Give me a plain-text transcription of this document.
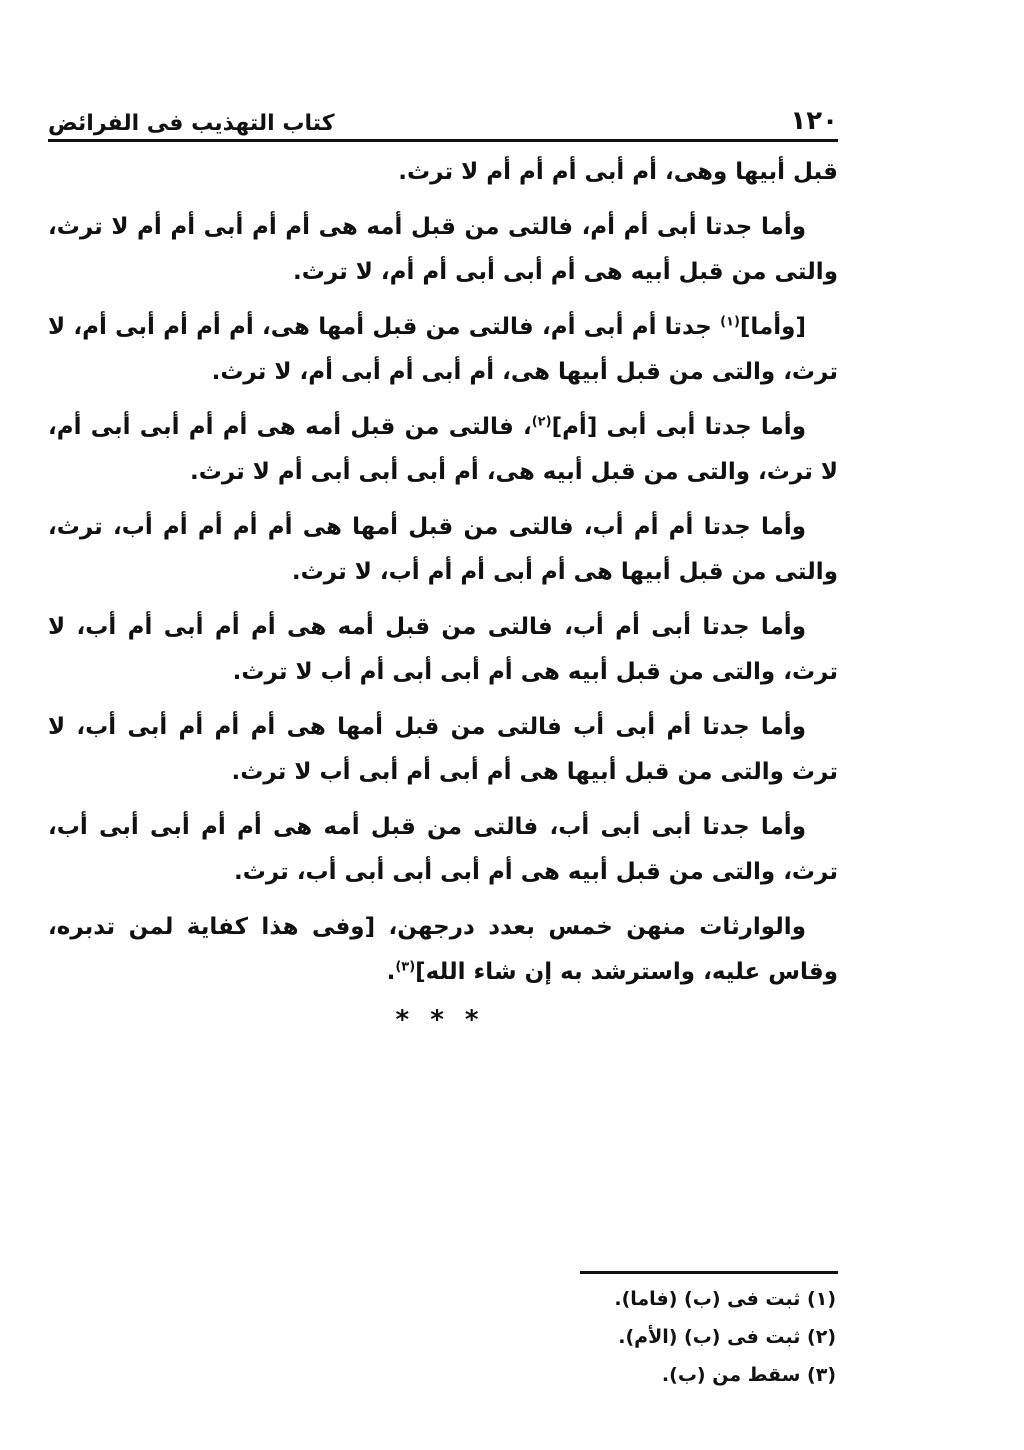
١٢٠
كتاب التهذيب فى الفرائض

قبل أبيها وهى، أم أبى أم أم أم لا ترث.

وأما جدتا أبى أم أم، فالتى من قبل أمه هى أم أم أبى أم أم لا ترث، والتى من قبل أبيه هى أم أبى أبى أم أم، لا ترث.

[وأما]$^{(١)}$ جدتا أم أبى أم، فالتى من قبل أمها هى، أم أم أم أبى أم، لا ترث، والتى من قبل أبيها هى، أم أبى أم أبى أم، لا ترث.

وأما جدتا أبى أبى [أم]$^{(٢)}$، فالتى من قبل أمه هى أم أم أبى أبى أم، لا ترث، والتى من قبل أبيه هى، أم أبى أبى أبى أم لا ترث.

وأما جدتا أم أم أب، فالتى من قبل أمها هى أم أم أم أم أب، ترث، والتى من قبل أبيها هى أم أبى أم أم أب، لا ترث.

وأما جدتا أبى أم أب، فالتى من قبل أمه هى أم أم أبى أم أب، لا ترث، والتى من قبل أبيه هى أم أبى أبى أم أب لا ترث.

وأما جدتا أم أبى أب فالتى من قبل أمها هى أم أم أم أبى أب، لا ترث والتى من قبل أبيها هى أم أبى أم أبى أب لا ترث.

وأما جدتا أبى أبى أب، فالتى من قبل أمه هى أم أم أبى أبى أب، ترث، والتى من قبل أبيه هى أم أبى أبى أبى أب، ترث.

والوارثات منهن خمس بعدد درجهن، [وفى هذا كفاية لمن تدبره، وقاس عليه، واسترشد به إن شاء الله]$^{(٣)}$.

* * *

(١) ثبت فى (ب) (فاما).

(٢) ثبت فى (ب) (الأم).

(٣) سقط من (ب).
